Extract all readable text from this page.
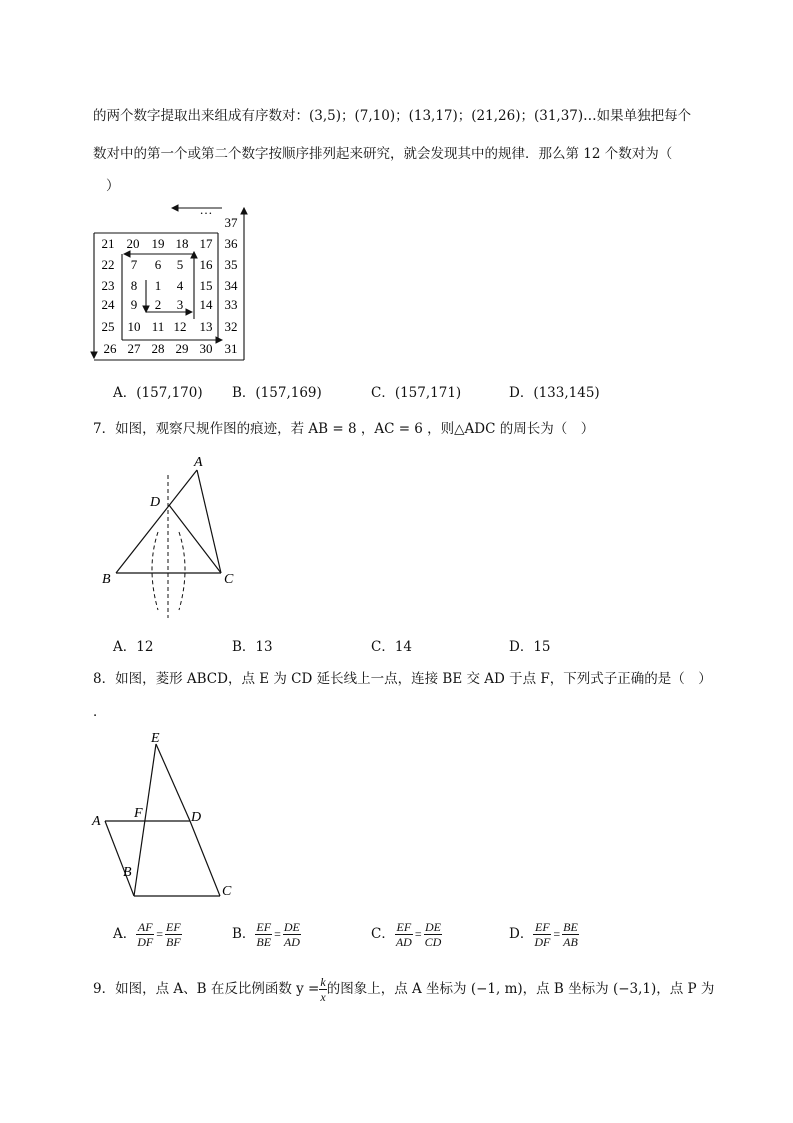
的两个数字提取出来组成有序数对：(3,5)；(7,10)；(13,17)；(21,26)；(31,37)…如果单独把每个
数对中的第一个或第二个数字按顺序排列起来研究，就会发现其中的规律．那么第 12 个数对为（
）
…
37
21 20 19 18 17 36
22 7 6 5 16 35
23 8 1 4 15 34
24 9 2 3 14 33
25 10 11 12 13 32
26 27 28 29 30 31
A．(157,170) B．(157,169)	C．(157,171)	D．(133,145)
7．如图，观察尺规作图的痕迹，若 AB = 8 ，AC = 6 ，则△ADC 的周长为（　）
A
D
B	C
A．12	B．13	C．14	D．15
8．如图，菱形 ABCD，点 E 为 CD 延长线上一点，连接 BE 交 AD 于点 F，下列式子正确的是（　）
．
E
F
A	D
B
C
A． $\frac{AF}{DF} = \frac{EF}{BF}$	B． $\frac{EF}{BE} = \frac{DE}{AD}$	C． $\frac{EF}{AD} = \frac{DE}{CD}$	D． $\frac{EF}{DF} = \frac{BE}{AB}$
9．如图，点 A、B 在反比例函数 $y = \frac{k}{x}$ 的图象上，点 A 坐标为 (−1, m)，点 B 坐标为 (−3,1)，点 P 为
